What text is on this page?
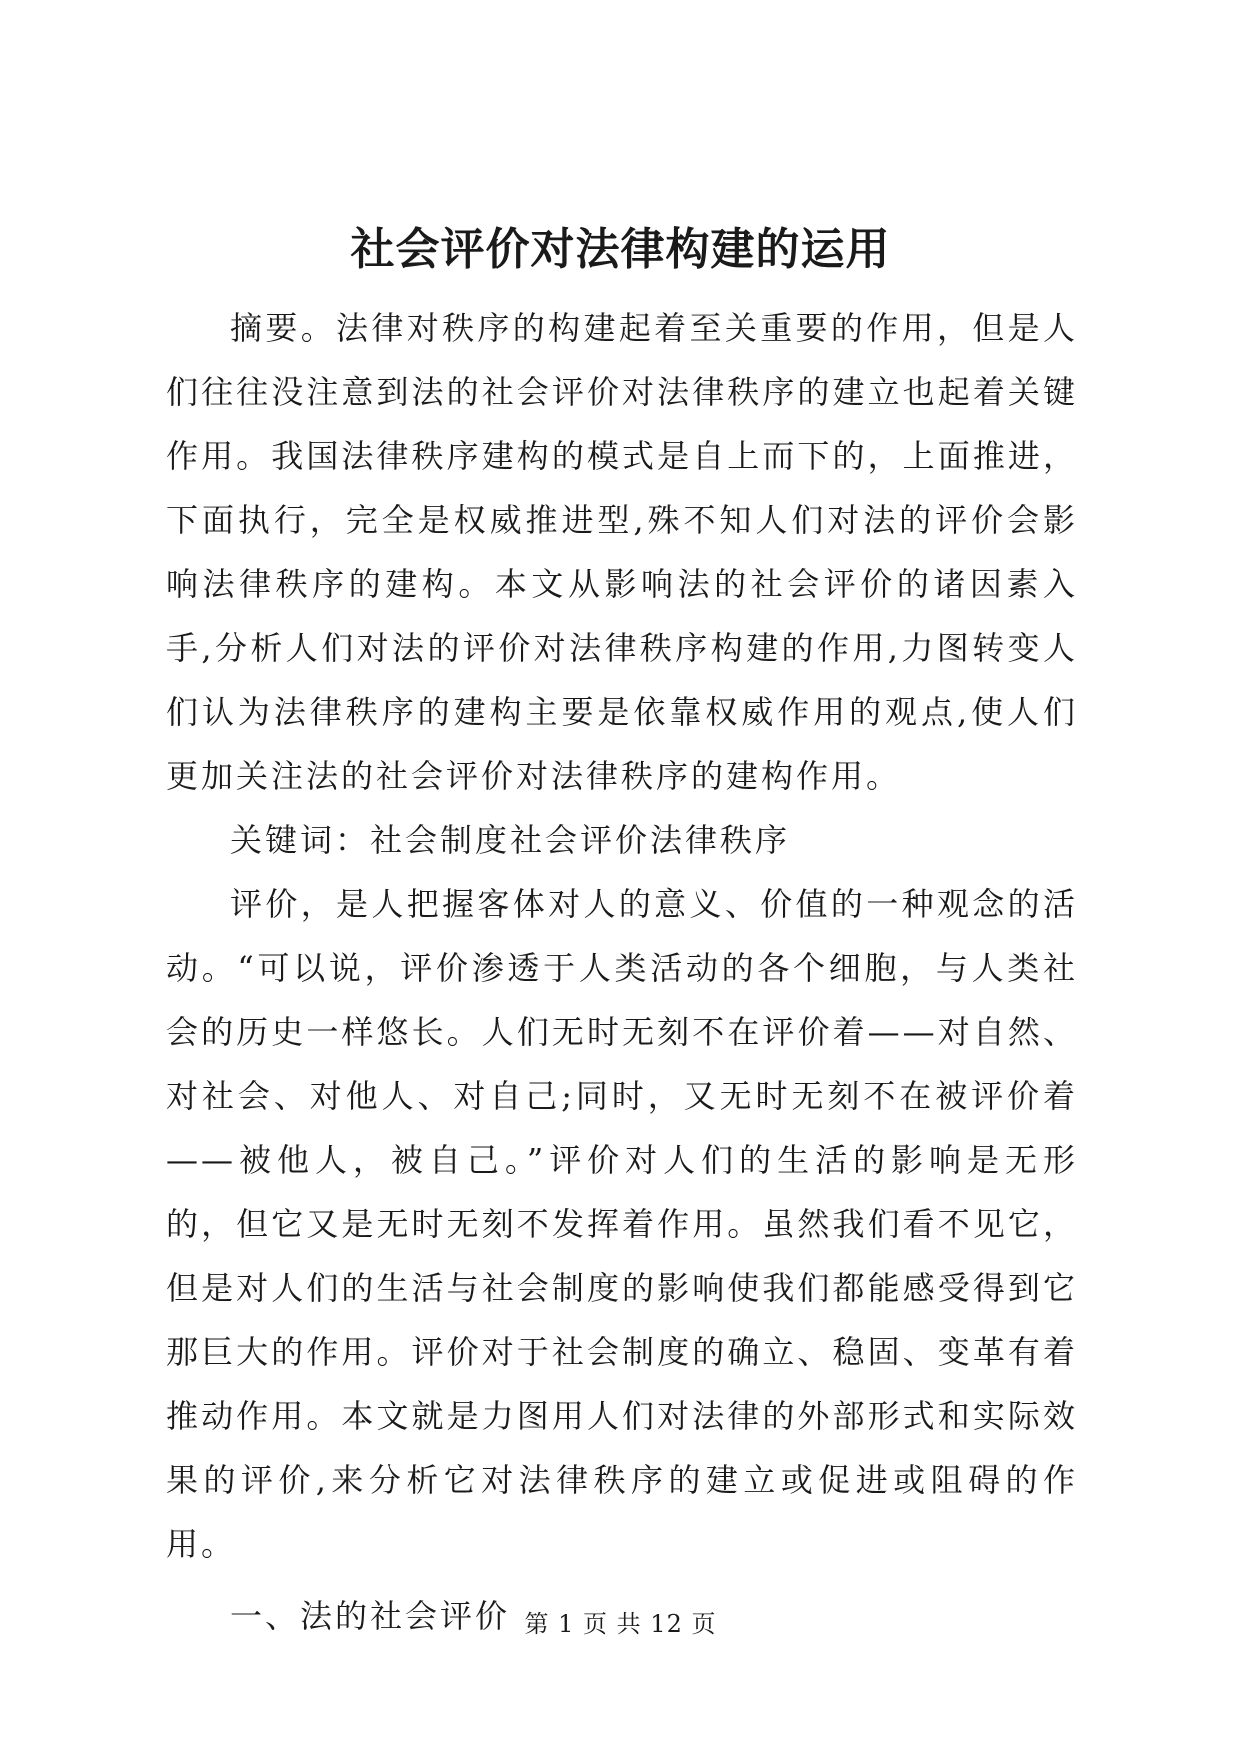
社会评价对法律构建的运用

摘要。法律对秩序的构建起着至关重要的作用，但是人们往往没注意到法的社会评价对法律秩序的建立也起着关键作用。我国法律秩序建构的模式是自上而下的，上面推进，下面执行，完全是权威推进型,殊不知人们对法的评价会影响法律秩序的建构。本文从影响法的社会评价的诸因素入手,分析人们对法的评价对法律秩序构建的作用,力图转变人们认为法律秩序的建构主要是依靠权威作用的观点,使人们更加关注法的社会评价对法律秩序的建构作用。

关键词：社会制度社会评价法律秩序

评价，是人把握客体对人的意义、价值的一种观念的活动。“可以说，评价渗透于人类活动的各个细胞，与人类社会的历史一样悠长。人们无时无刻不在评价着——对自然、对社会、对他人、对自己;同时，又无时无刻不在被评价着——被他人，被自己。”评价对人们的生活的影响是无形的，但它又是无时无刻不发挥着作用。虽然我们看不见它，但是对人们的生活与社会制度的影响使我们都能感受得到它那巨大的作用。评价对于社会制度的确立、稳固、变革有着推动作用。本文就是力图用人们对法律的外部形式和实际效果的评价,来分析它对法律秩序的建立或促进或阻碍的作用。

一、法的社会评价 第 1 页 共 12 页
